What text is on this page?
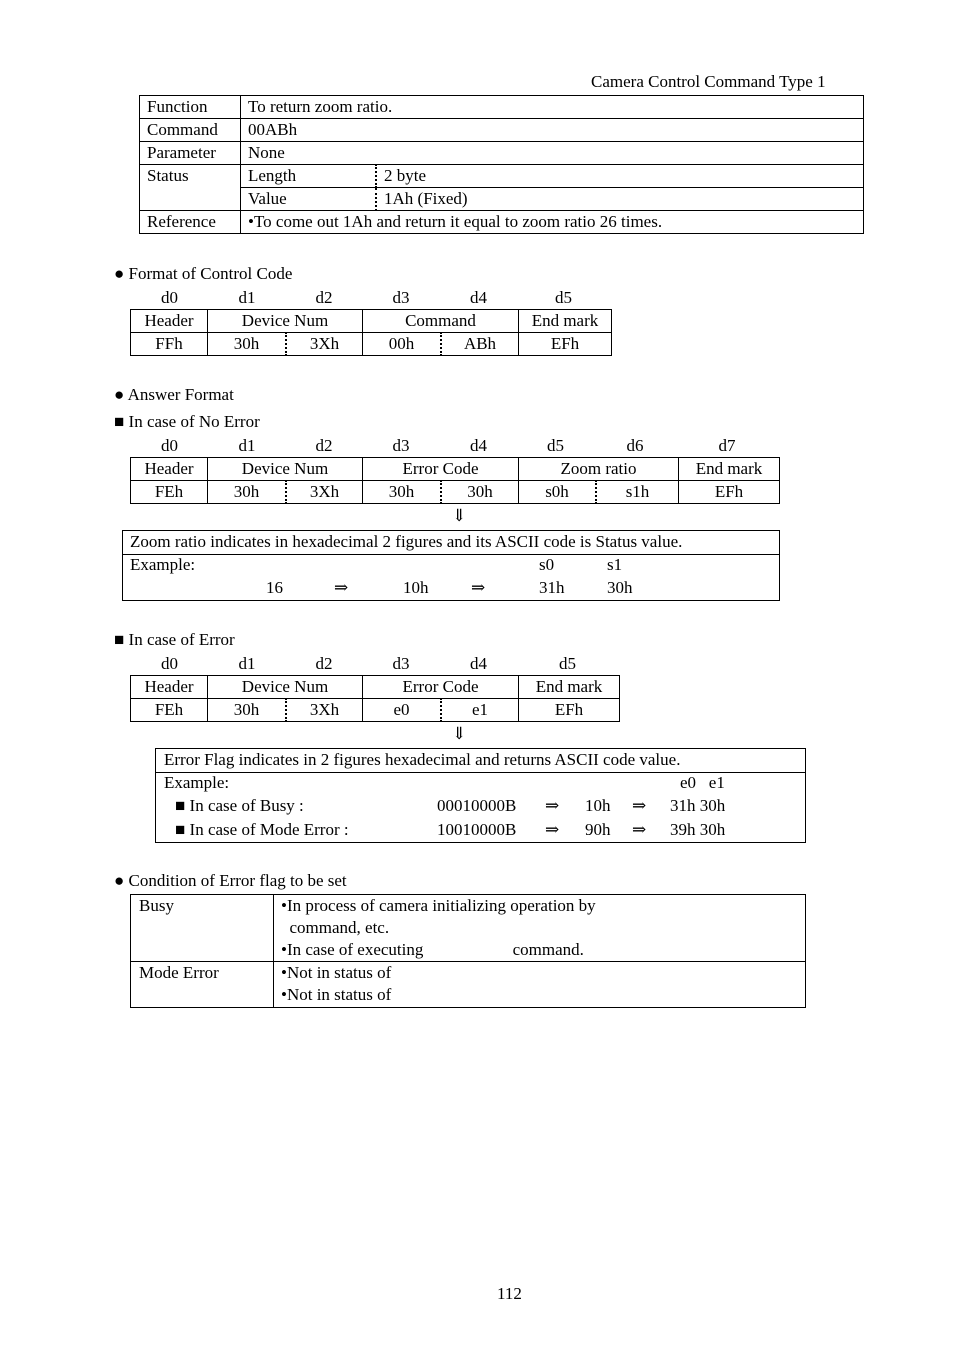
Camera Control Command Type 1
Function	To return zoom ratio.	
Command	00ABh	
Parameter	None	
Status	Length	2 byte
	Value	1Ah (Fixed)
Reference	•To come out 1Ah and return it equal to zoom ratio 26 times.	
● Format of Control Code
d0	d1	d2	d3	d4	d5
Header	Device Num		Command		End mark
FFh	30h	3Xh	00h	ABh	EFh
● Answer Format
■ In case of No Error
d0	d1	d2	d3	d4	d5	d6	d7
Header	Device Num		Error Code		Zoom ratio		End mark
FEh	30h	3Xh	30h	30h	s0h	s1h	EFh
⇓
Zoom ratio indicates in hexadecimal 2 figures and its ASCII code is Status value.
Example:	s0	s1
16	⇒	10h	⇒	31h	30h
■ In case of Error
d0	d1	d2	d3	d4	d5
Header	Device Num		Error Code		End mark
FEh	30h	3Xh	e0	e1	EFh
⇓
Error Flag indicates in 2 figures hexadecimal and returns ASCII code value.
Example:	e0   e1
■ In case of Busy :	00010000B ⇒ 10h ⇒ 31h 30h
■ In case of Mode Error :	10010000B ⇒ 90h ⇒ 39h 30h
● Condition of Error flag to be set
Busy	•In process of camera initializing operation by
command, etc.
•In case of executing                     command.
Mode Error	•Not in status of
•Not in status of
112
